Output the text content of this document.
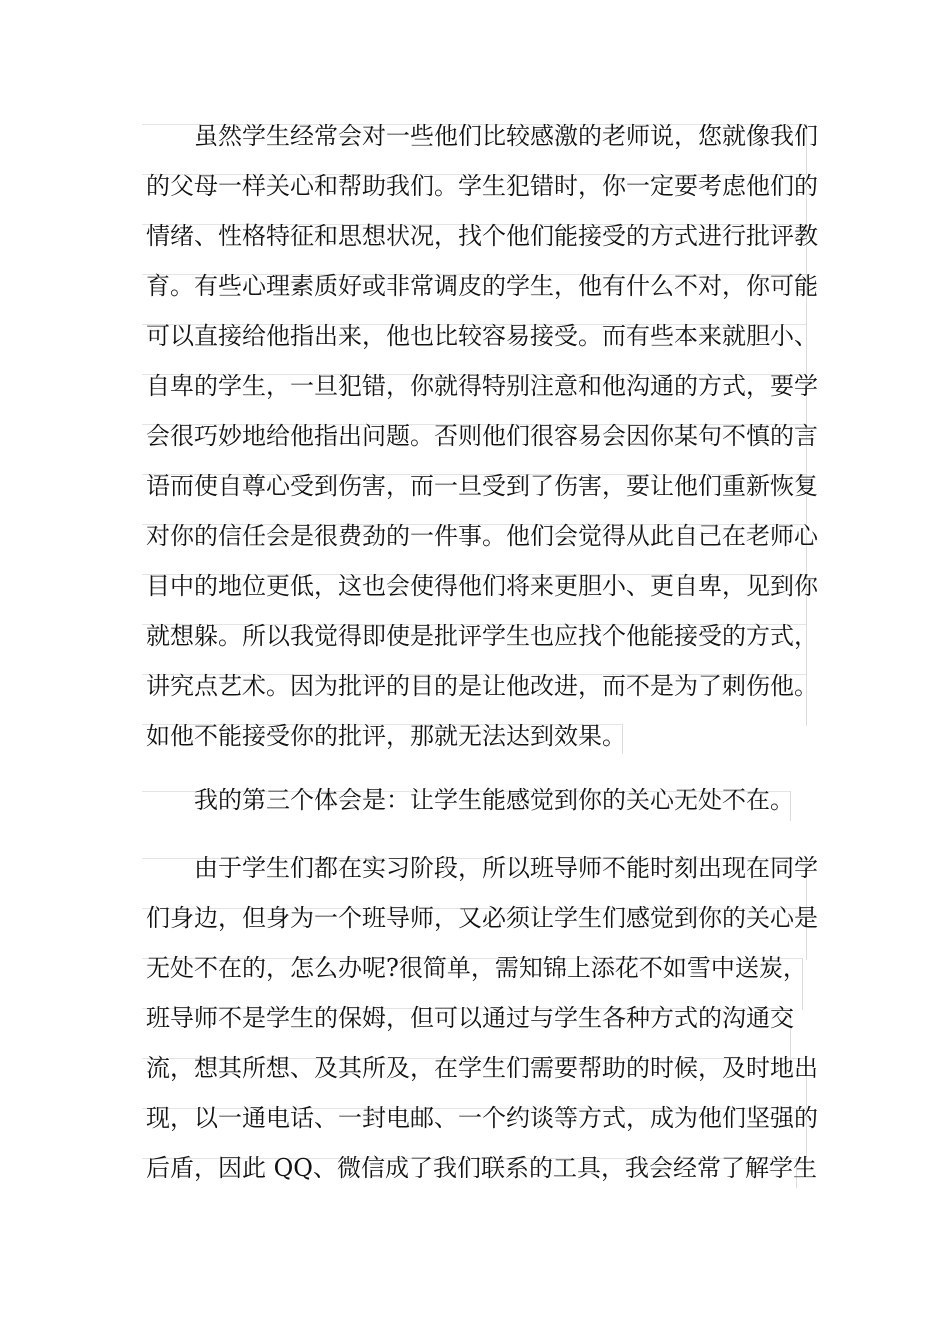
虽然学生经常会对一些他们比较感激的老师说，您就像我们
的父母一样关心和帮助我们。学生犯错时，你一定要考虑他们的
情绪、性格特征和思想状况，找个他们能接受的方式进行批评教
育。有些心理素质好或非常调皮的学生，他有什么不对，你可能
可以直接给他指出来，他也比较容易接受。而有些本来就胆小、
自卑的学生，一旦犯错，你就得特别注意和他沟通的方式，要学
会很巧妙地给他指出问题。否则他们很容易会因你某句不慎的言
语而使自尊心受到伤害，而一旦受到了伤害，要让他们重新恢复
对你的信任会是很费劲的一件事。他们会觉得从此自己在老师心
目中的地位更低，这也会使得他们将来更胆小、更自卑，见到你
就想躲。所以我觉得即使是批评学生也应找个他能接受的方式，
讲究点艺术。因为批评的目的是让他改进，而不是为了刺伤他。
如他不能接受你的批评，那就无法达到效果。
我的第三个体会是：让学生能感觉到你的关心无处不在。
由于学生们都在实习阶段，所以班导师不能时刻出现在同学
们身边，但身为一个班导师，又必须让学生们感觉到你的关心是
无处不在的，怎么办呢?很简单，需知锦上添花不如雪中送炭，
班导师不是学生的保姆，但可以通过与学生各种方式的沟通交
流，想其所想、及其所及，在学生们需要帮助的时候，及时地出
现，以一通电话、一封电邮、一个约谈等方式，成为他们坚强的
后盾，因此 QQ、微信成了我们联系的工具，我会经常了解学生
